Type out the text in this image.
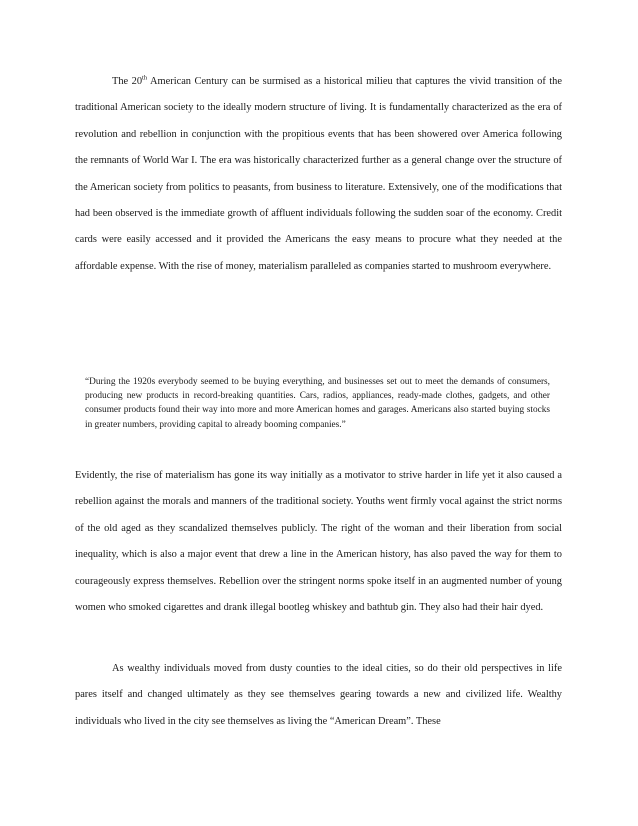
The 20th American Century can be surmised as a historical milieu that captures the vivid transition of the traditional American society to the ideally modern structure of living. It is fundamentally characterized as the era of revolution and rebellion in conjunction with the propitious events that has been showered over America following the remnants of World War I. The era was historically characterized further as a general change over the structure of the American society from politics to peasants, from business to literature. Extensively, one of the modifications that had been observed is the immediate growth of affluent individuals following the sudden soar of the economy. Credit cards were easily accessed and it provided the Americans the easy means to procure what they needed at the affordable expense. With the rise of money, materialism paralleled as companies started to mushroom everywhere.

“During the 1920s everybody seemed to be buying everything, and businesses set out to meet the demands of consumers, producing new products in record-breaking quantities. Cars, radios, appliances, ready-made clothes, gadgets, and other consumer products found their way into more and more American homes and garages. Americans also started buying stocks in greater numbers, providing capital to already booming companies.”

Evidently, the rise of materialism has gone its way initially as a motivator to strive harder in life yet it also caused a rebellion against the morals and manners of the traditional society. Youths went firmly vocal against the strict norms of the old aged as they scandalized themselves publicly. The right of the woman and their liberation from social inequality, which is also a major event that drew a line in the American history, has also paved the way for them to courageously express themselves. Rebellion over the stringent norms spoke itself in an augmented number of young women who smoked cigarettes and drank illegal bootleg whiskey and bathtub gin. They also had their hair dyed.

As wealthy individuals moved from dusty counties to the ideal cities, so do their old perspectives in life pares itself and changed ultimately as they see themselves gearing towards a new and civilized life. Wealthy individuals who lived in the city see themselves as living the “American Dream”. These
